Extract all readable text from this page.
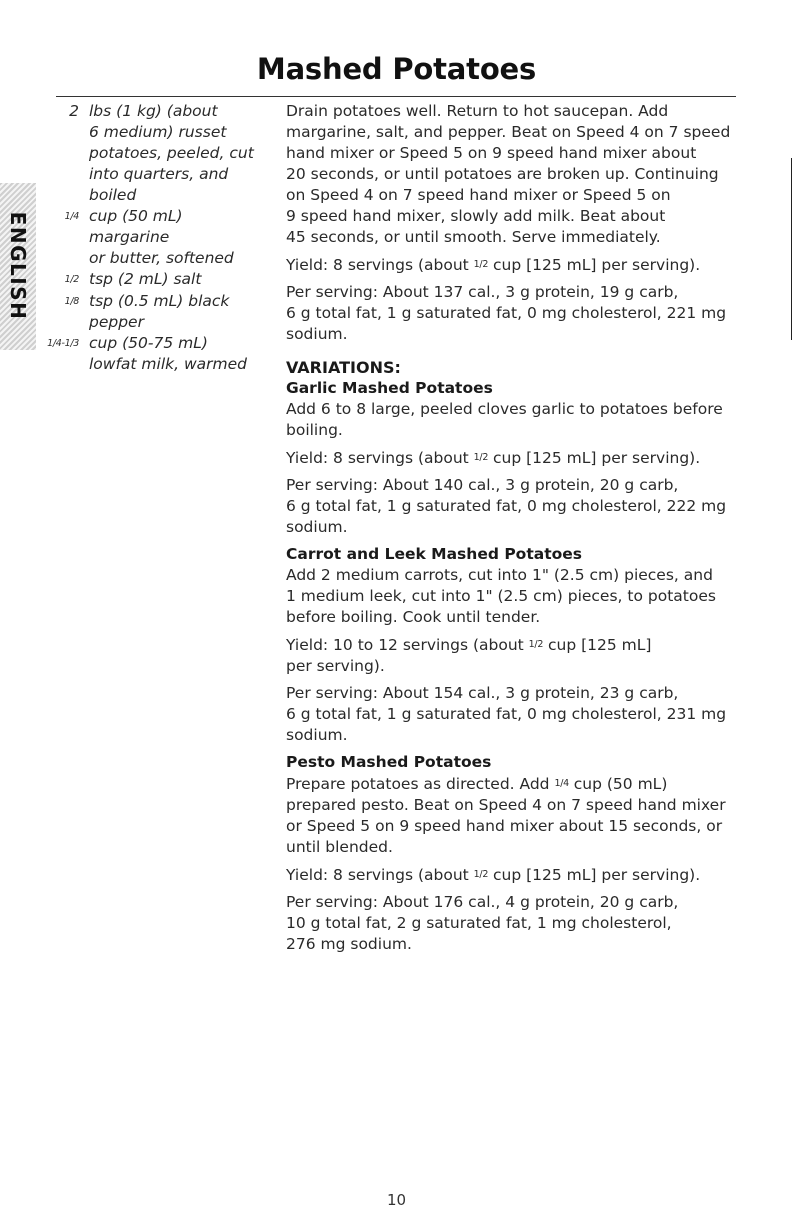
Mashed Potatoes
ENGLISH
2 lbs (1 kg) (about
6 medium) russet
potatoes, peeled, cut
into quarters, and
boiled
1/4 cup (50 mL)
margarine
or butter, softened
1/2 tsp (2 mL) salt
1/8 tsp (0.5 mL) black
pepper
1/4-1/3 cup (50-75 mL)
lowfat milk, warmed
Drain potatoes well. Return to hot saucepan. Add
margarine, salt, and pepper. Beat on Speed 4 on 7 speed
hand mixer or Speed 5 on 9 speed hand mixer about
20 seconds, or until potatoes are broken up. Continuing
on Speed 4 on 7 speed hand mixer or Speed 5 on
9 speed hand mixer, slowly add milk. Beat about
45 seconds, or until smooth. Serve immediately.
Yield: 8 servings (about 1/2 cup [125 mL] per serving).
Per serving: About 137 cal., 3 g protein, 19 g carb,
6 g total fat, 1 g saturated fat, 0 mg cholesterol, 221 mg
sodium.
VARIATIONS:
Garlic Mashed Potatoes
Add 6 to 8 large, peeled cloves garlic to potatoes before
boiling.
Yield: 8 servings (about 1/2 cup [125 mL] per serving).
Per serving: About 140 cal., 3 g protein, 20 g carb,
6 g total fat, 1 g saturated fat, 0 mg cholesterol, 222 mg
sodium.
Carrot and Leek Mashed Potatoes
Add 2 medium carrots, cut into 1" (2.5 cm) pieces, and
1 medium leek, cut into 1" (2.5 cm) pieces, to potatoes
before boiling. Cook until tender.
Yield: 10 to 12 servings (about 1/2 cup [125 mL]
per serving).
Per serving: About 154 cal., 3 g protein, 23 g carb,
6 g total fat, 1 g saturated fat, 0 mg cholesterol, 231 mg
sodium.
Pesto Mashed Potatoes
Prepare potatoes as directed. Add 1/4 cup (50 mL)
prepared pesto. Beat on Speed 4 on 7 speed hand mixer
or Speed 5 on 9 speed hand mixer about 15 seconds, or
until blended.
Yield: 8 servings (about 1/2 cup [125 mL] per serving).
Per serving: About 176 cal., 4 g protein, 20 g carb,
10 g total fat, 2 g saturated fat, 1 mg cholesterol,
276 mg sodium.
10
